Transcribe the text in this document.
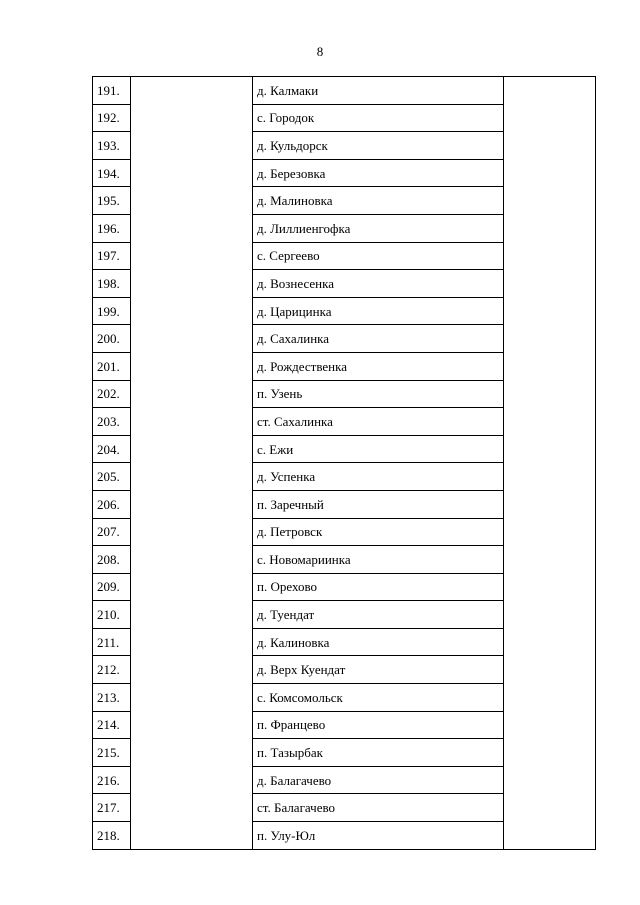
8
191.		д. Калмаки	
192.		с. Городок	
193.		д. Кульдорск	
194.		д. Березовка	
195.		д. Малиновка	
196.		д. Лиллиенгофка	
197.		с. Сергеево	
198.		д. Вознесенка	
199.		д. Царицинка	
200.		д. Сахалинка	
201.		д. Рождественка	
202.		п. Узень	
203.		ст. Сахалинка	
204.		с. Ежи	
205.		д. Успенка	
206.		п. Заречный	
207.		д. Петровск	
208.		с. Новомариинка	
209.		п. Орехово	
210.		д. Туендат	
211.		д. Калиновка	
212.		д. Верх Куендат	
213.		с. Комсомольск	
214.		п. Францево	
215.		п. Тазырбак	
216.		д. Балагачево	
217.		ст. Балагачево	
218.		п. Улу-Юл	
